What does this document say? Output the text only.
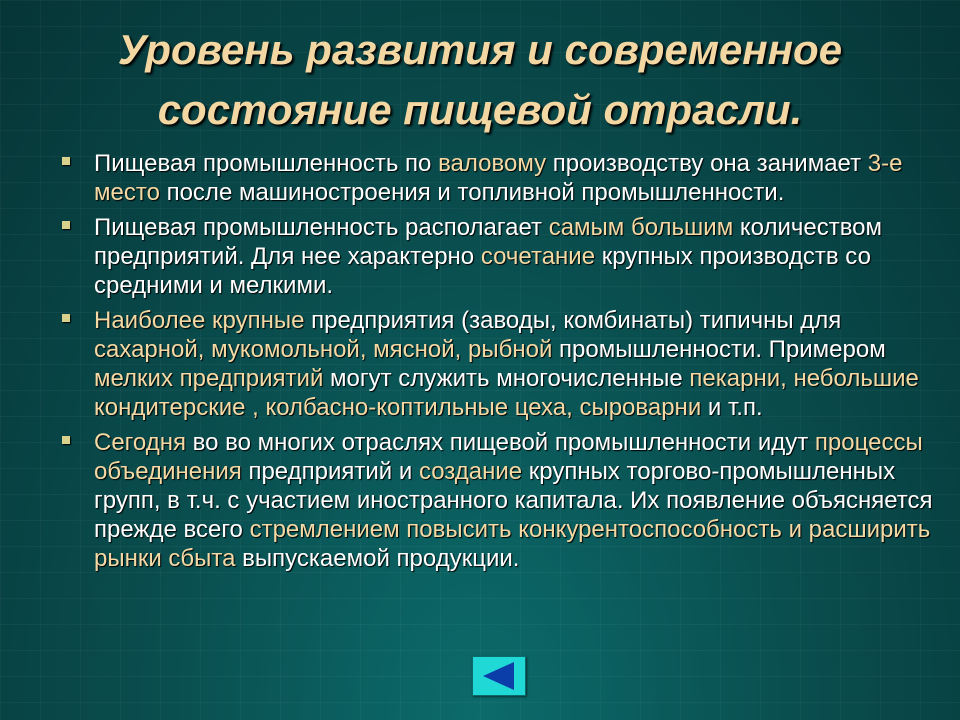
Уровень развития и современное
состояние пищевой отрасли.
Пищевая промышленность по валовому производству она занимает 3-е место после машиностроения и топливной промышленности.
Пищевая промышленность располагает самым большим количеством предприятий. Для нее характерно сочетание крупных производств со средними и мелкими.
Наиболее крупные предприятия (заводы, комбинаты) типичны для сахарной, мукомольной, мясной, рыбной промышленности. Примером мелких предприятий могут служить многочисленные пекарни, небольшие кондитерские , колбасно-коптильные цеха, сыроварни и т.п.
Сегодня во во многих отраслях пищевой промышленности идут процессы объединения предприятий и создание крупных торгово-промышленных групп, в т.ч. с участием иностранного капитала. Их появление объясняется прежде всего стремлением повысить конкурентоспособность и расширить рынки сбыта выпускаемой продукции.
